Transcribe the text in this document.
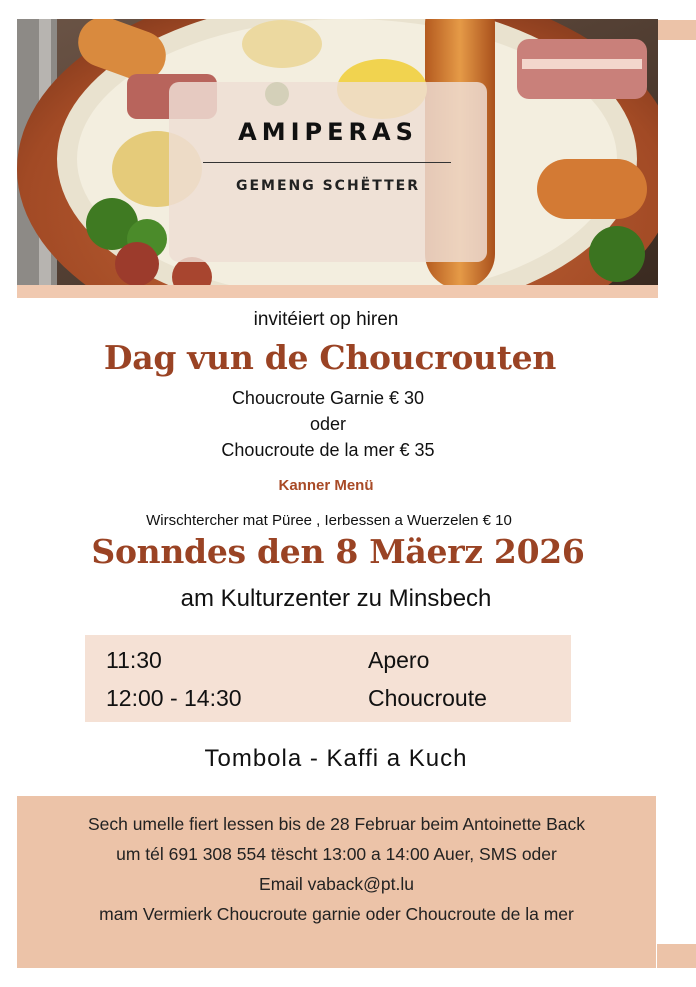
AMIPERAS
GEMENG SCHËTTER
invitéiert op hiren
Dag vun de Choucrouten
Choucroute Garnie € 30
oder
Choucroute de la mer € 35
Kanner Menü
Wirschtercher mat Püree , Ierbessen a Wuerzelen € 10
Sonndes den 8 Mäerz 2026
am Kulturzenter zu Minsbech
11:30	Apero
12:00 - 14:30	Choucroute
Tombola - Kaffi a Kuch
Sech umelle fiert lessen bis de 28 Februar beim Antoinette Back
um tél 691 308 554 tëscht 13:00 a 14:00 Auer, SMS oder
Email vaback@pt.lu
mam Vermierk Choucroute garnie oder Choucroute de la mer
